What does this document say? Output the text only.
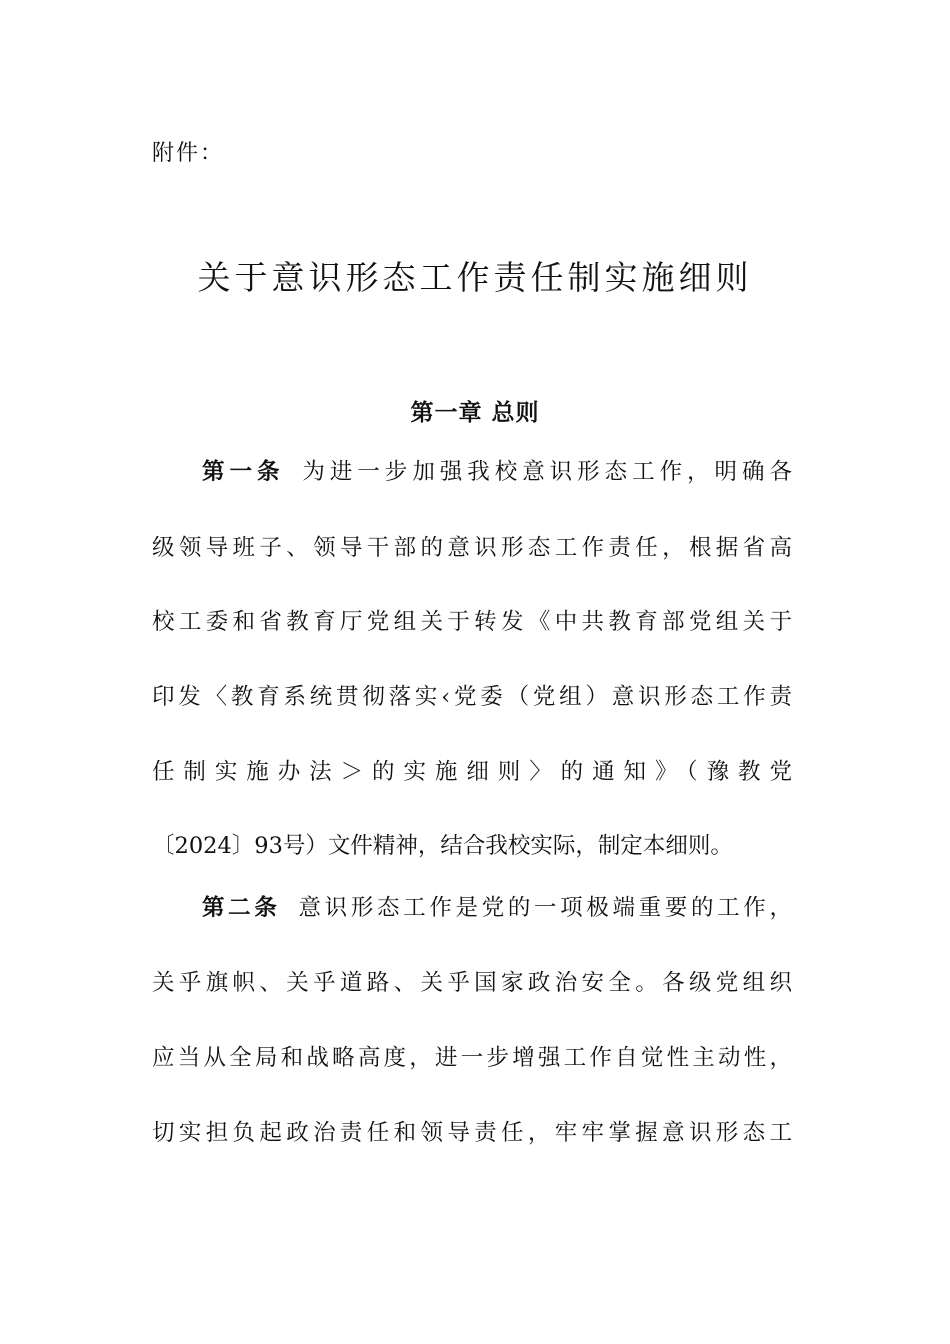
附件：
关于意识形态工作责任制实施细则
第一章 总则
第一条 为进一步加强我校意识形态工作，明确各
级领导班子、领导干部的意识形态工作责任，根据省高
校工委和省教育厅党组关于转发《中共教育部党组关于
印发〈教育系统贯彻落实‹党委（党组）意识形态工作责
任制实施办法＞的实施细则〉的通知》（豫教党
〔2024〕93号）文件精神，结合我校实际，制定本细则。
第二条 意识形态工作是党的一项极端重要的工作，
关乎旗帜、关乎道路、关乎国家政治安全。各级党组织
应当从全局和战略高度，进一步增强工作自觉性主动性，
切实担负起政治责任和领导责任，牢牢掌握意识形态工
